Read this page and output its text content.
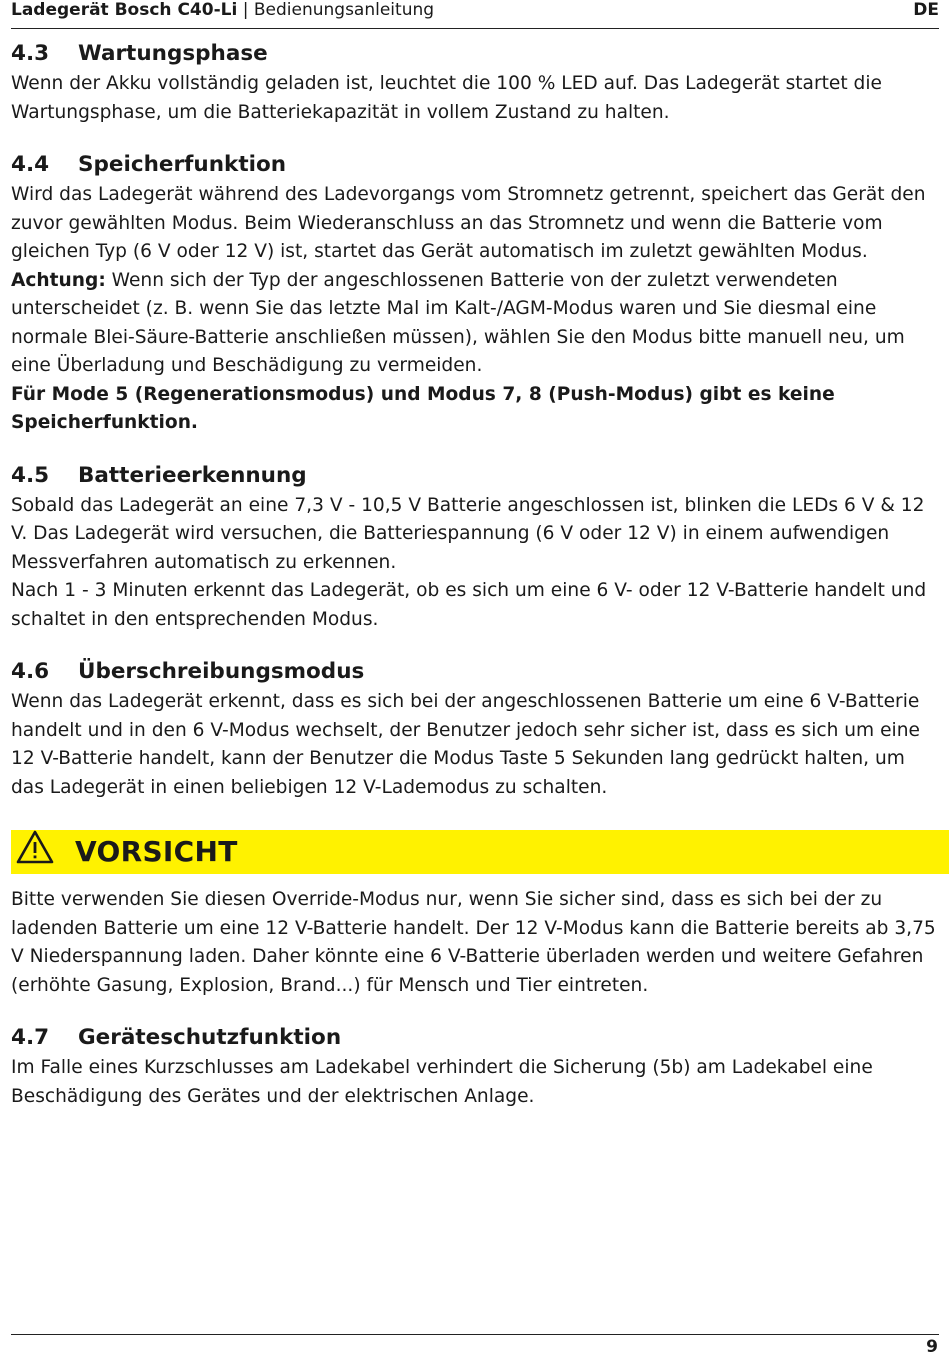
Ladegerät Bosch C40-Li | Bedienungsanleitung	DE
4.3 Wartungsphase

Wenn der Akku vollständig geladen ist, leuchtet die 100 % LED auf. Das Ladegerät startet die Wartungsphase, um die Batteriekapazität in vollem Zustand zu halten.

4.4 Speicherfunktion

Wird das Ladegerät während des Ladevorgangs vom Stromnetz getrennt, speichert das Gerät den zuvor gewählten Modus. Beim Wiederanschluss an das Stromnetz und wenn die Batterie vom gleichen Typ (6 V oder 12 V) ist, startet das Gerät automatisch im zuletzt gewählten Modus.

Achtung: Wenn sich der Typ der angeschlossenen Batterie von der zuletzt verwendeten unterscheidet (z. B. wenn Sie das letzte Mal im Kalt-/AGM-Modus waren und Sie diesmal eine normale Blei-Säure-Batterie anschließen müssen), wählen Sie den Modus bitte manuell neu, um eine Überladung und Beschädigung zu vermeiden.

Für Mode 5 (Regenerationsmodus) und Modus 7, 8 (Push-Modus) gibt es keine Speicherfunktion.

4.5 Batterieerkennung

Sobald das Ladegerät an eine 7,3 V - 10,5 V Batterie angeschlossen ist, blinken die LEDs 6 V & 12 V. Das Ladegerät wird versuchen, die Batteriespannung (6 V oder 12 V) in einem aufwendigen Messverfahren automatisch zu erkennen.

Nach 1 - 3 Minuten erkennt das Ladegerät, ob es sich um eine 6 V- oder 12 V-Batterie handelt und schaltet in den entsprechenden Modus.

4.6 Überschreibungsmodus

Wenn das Ladegerät erkennt, dass es sich bei der angeschlossenen Batterie um eine 6 V-Batterie handelt und in den 6 V-Modus wechselt, der Benutzer jedoch sehr sicher ist, dass es sich um eine 12 V-Batterie handelt, kann der Benutzer die Modus Taste 5 Sekunden lang gedrückt halten, um das Ladegerät in einen beliebigen 12 V-Lademodus zu schalten.

VORSICHT

Bitte verwenden Sie diesen Override-Modus nur, wenn Sie sicher sind, dass es sich bei der zu ladenden Batterie um eine 12 V-Batterie handelt. Der 12 V-Modus kann die Batterie bereits ab 3,75 V Niederspannung laden. Daher könnte eine 6 V-Batterie überladen werden und weitere Gefahren (erhöhte Gasung, Explosion, Brand...) für Mensch und Tier eintreten.

4.7 Geräteschutzfunktion

Im Falle eines Kurzschlusses am Ladekabel verhindert die Sicherung (5b) am Ladekabel eine Beschädigung des Gerätes und der elektrischen Anlage.

9
